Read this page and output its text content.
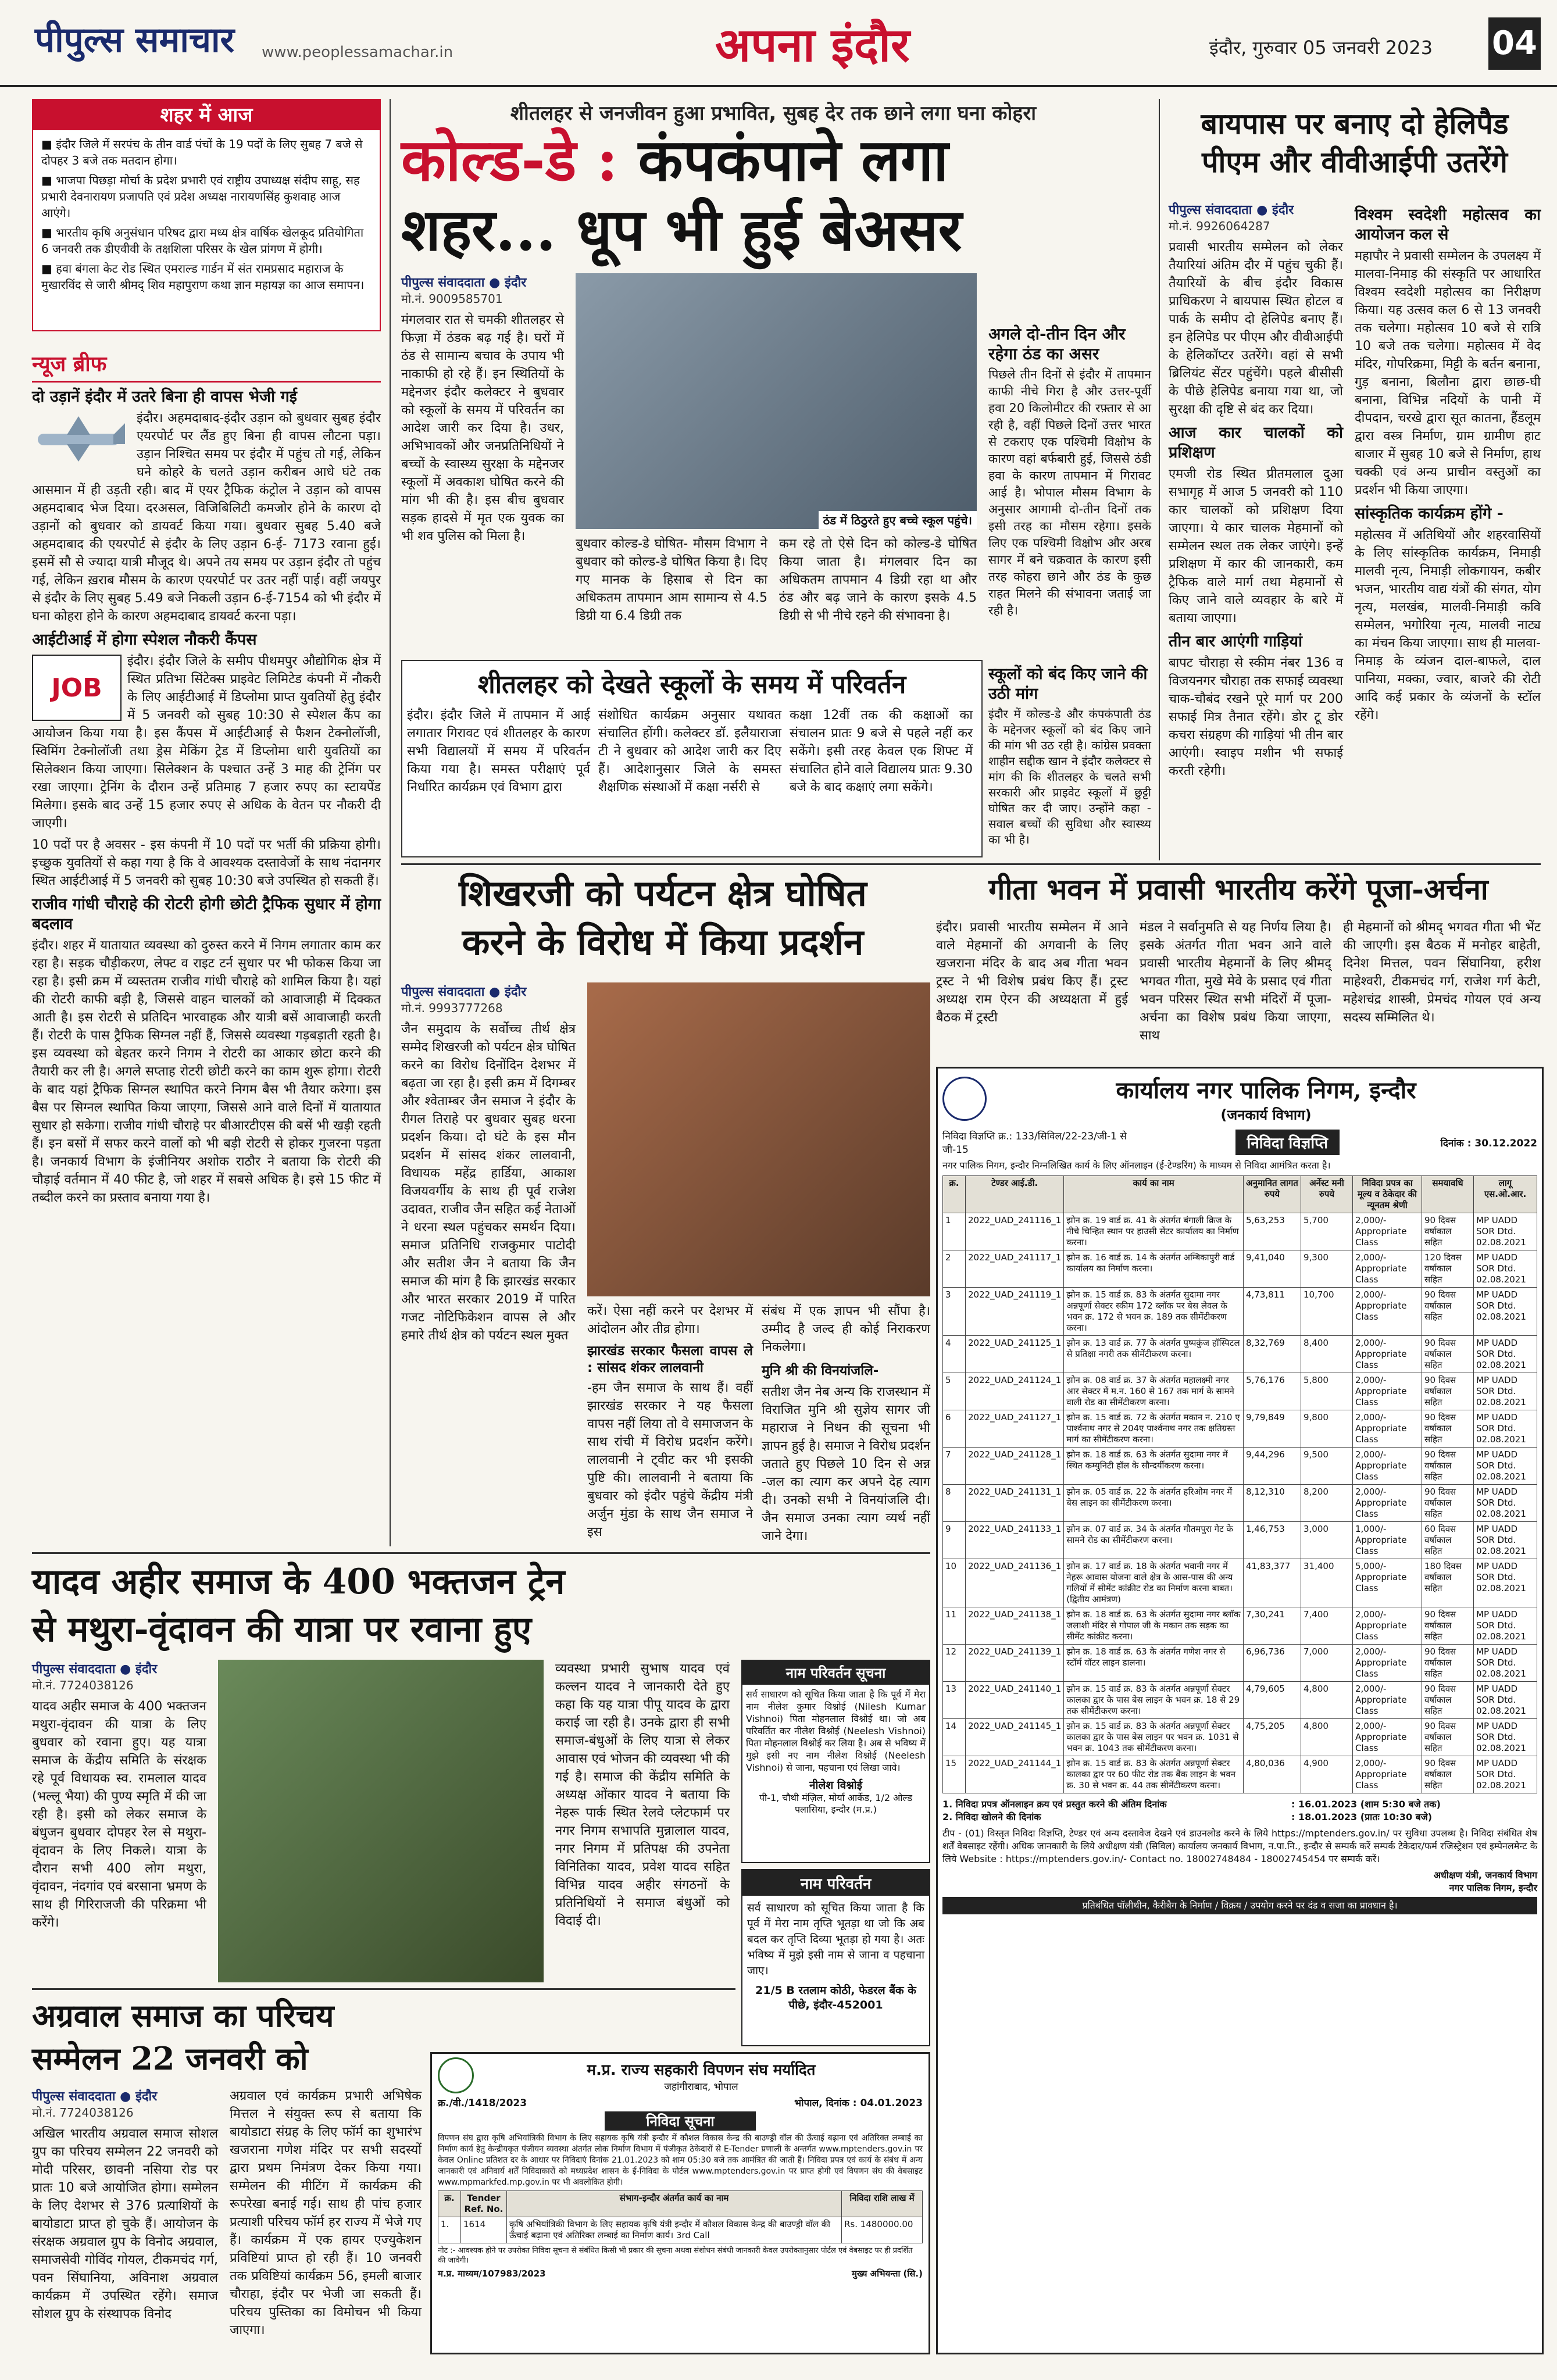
पीपुल्स समाचार www.peoplessamachar.in	अपना इंदौर	इंदौर, गुरुवार 05 जनवरी 2023 04
शहर में आज
■ इंदौर जिले में सरपंच के तीन वार्ड पंचों के 19 पदों के लिए सुबह 7 बजे से दोपहर 3 बजे तक मतदान होगा।
■ भाजपा पिछड़ा मोर्चा के प्रदेश प्रभारी एवं राष्ट्रीय उपाध्यक्ष संदीप साहू, सह प्रभारी देवनारायण प्रजापति एवं प्रदेश अध्यक्ष नारायणसिंह कुशवाह आज आएंगे।
■ भारतीय कृषि अनुसंधान परिषद द्वारा मध्य क्षेत्र वार्षिक खेलकूद प्रतियोगिता 6 जनवरी तक डीएवीवी के तक्षशिला परिसर के खेल प्रांगण में होगी।
■ हवा बंगला केट रोड स्थित एमराल्ड गार्डन में संत रामप्रसाद महाराज के मुखारविंद से जारी श्रीमद् शिव महापुराण कथा ज्ञान महायज्ञ का आज समापन।
न्यूज ब्रीफ
दो उड़ानें इंदौर में उतरे बिना ही वापस भेजी गई

इंदौर। अहमदाबाद-इंदौर उड़ान को बुधवार सुबह इंदौर एयरपोर्ट पर लैंड हुए बिना ही वापस लौटना पड़ा। उड़ान निश्चित समय पर इंदौर में पहुंच तो गई, लेकिन घने कोहरे के चलते उड़ान करीबन आधे घंटे तक आसमान में ही उड़ती रही। बाद में एयर ट्रैफिक कंट्रोल ने उड़ान को वापस अहमदाबाद भेज दिया। दरअसल, विजिबिलिटी कमजोर होने के कारण दो उड़ानों को बुधवार को डायवर्ट किया गया। बुधवार सुबह 5.40 बजे अहमदाबाद की एयरपोर्ट से इंदौर के लिए उड़ान 6-ई- 7173 रवाना हुई। इसमें सौ से ज्यादा यात्री मौजूद थे। अपने तय समय पर उड़ान इंदौर तो पहुंच गई, लेकिन ख़राब मौसम के कारण एयरपोर्ट पर उतर नहीं पाई। वहीं जयपुर से इंदौर के लिए सुबह 5.49 बजे निकली उड़ान 6-ई-7154 को भी इंदौर में घना कोहरा होने के कारण अहमदाबाद डायवर्ट करना पड़ा।

आईटीआई में होगा स्पेशल नौकरी कैंपस
JOB

इंदौर। इंदौर जिले के समीप पीथमपुर औद्योगिक क्षेत्र में स्थित प्रतिभा सिंटेक्स प्राइवेट लिमिटेड कंपनी में नौकरी के लिए आईटीआई में डिप्लोमा प्राप्त युवतियों हेतु इंदौर में 5 जनवरी को सुबह 10:30 से स्पेशल कैंप का आयोजन किया गया है। इस कैंपस में आईटीआई से फैशन टेक्नोलॉजी, स्विमिंग टेक्नोलॉजी तथा ड्रेस मेकिंग ट्रेड में डिप्लोमा धारी युवतियों का सिलेक्शन किया जाएगा। सिलेक्शन के पश्चात उन्हें 3 माह की ट्रेनिंग पर रखा जाएगा। ट्रेनिंग के दौरान उन्हें प्रतिमाह 7 हजार रुपए का स्टायपेंड मिलेगा। इसके बाद उन्हें 15 हजार रुपए से अधिक के वेतन पर नौकरी दी जाएगी।

10 पदों पर है अवसर - इस कंपनी में 10 पदों पर भर्ती की प्रक्रिया होगी। इच्छुक युवतियों से कहा गया है कि वे आवश्यक दस्तावेजों के साथ नंदानगर स्थित आईटीआई में 5 जनवरी को सुबह 10:30 बजे उपस्थित हो सकती हैं।

राजीव गांधी चौराहे की रोटरी होगी छोटी ट्रैफिक सुधार में होगा बदलाव

इंदौर। शहर में यातायात व्यवस्था को दुरुस्त करने में निगम लगातार काम कर रहा है। सड़क चौड़ीकरण, लेफ्ट व राइट टर्न सुधार पर भी फोकस किया जा रहा है। इसी क्रम में व्यस्ततम राजीव गांधी चौराहे को शामिल किया है। यहां की रोटरी काफी बड़ी है, जिससे वाहन चालकों को आवाजाही में दिक्कत आती है। इस रोटरी से प्रतिदिन भारवाहक और यात्री बसें आवाजाही करती हैं। रोटरी के पास ट्रैफिक सिग्नल नहीं हैं, जिससे व्यवस्था गड़बड़ाती रहती है। इस व्यवस्था को बेहतर करने निगम ने रोटरी का आकार छोटा करने की तैयारी कर ली है। अगले सप्ताह रोटरी छोटी करने का काम शुरू होगा। रोटरी के बाद यहां ट्रैफिक सिग्नल स्थापित करने निगम बैस भी तैयार करेगा। इस बैस पर सिग्नल स्थापित किया जाएगा, जिससे आने वाले दिनों में यातायात सुधार हो सकेगा। राजीव गांधी चौराहे पर बीआरटीएस की बसें भी खड़ी रहती हैं। इन बसों में सफर करने वालों को भी बड़ी रोटरी से होकर गुजरना पड़ता है। जनकार्य विभाग के इंजीनियर अशोक राठौर ने बताया कि रोटरी की चौड़ाई वर्तमान में 40 फीट है, जो शहर में सबसे अधिक है। इसे 15 फीट में तब्दील करने का प्रस्ताव बनाया गया है।

शीतलहर से जनजीवन हुआ प्रभावित, सुबह देर तक छाने लगा घना कोहरा
कोल्ड-डे : कंपकंपाने लगा
शहर... धूप भी हुई बेअसर
पीपुल्स संवाददाता ● इंदौर
मो.नं. 9009585701
मंगलवार रात से चमकी शीतलहर से फिज़ा में ठंडक बढ़ गई है। घरों में ठंड से सामान्य बचाव के उपाय भी नाकाफी हो रहे हैं। इन स्थितियों के मद्देनजर इंदौर कलेक्टर ने बुधवार को स्कूलों के समय में परिवर्तन का आदेश जारी कर दिया है। उधर, अभिभावकों और जनप्रतिनिधियों ने बच्चों के स्वास्थ्य सुरक्षा के मद्देनजर स्कूलों में अवकाश घोषित करने की मांग भी की है। इस बीच बुधवार सड़क हादसे में मृत एक युवक का भी शव पुलिस को मिला है।
ठंड में ठिठुरते हुए बच्चे स्कूल पहुंचे।
बुधवार कोल्ड-डे घोषित- मौसम विभाग ने बुधवार को कोल्ड-डे घोषित किया है। दिए गए मानक के हिसाब से दिन का अधिकतम तापमान आम सामान्य से 4.5 डिग्री या 6.4 डिग्री तक
कम रहे तो ऐसे दिन को कोल्ड-डे घोषित किया जाता है। मंगलवार दिन का अधिकतम तापमान 4 डिग्री रहा था और ठंड और बढ़ जाने के कारण इसके 4.5 डिग्री से भी नीचे रहने की संभावना है।
अगले दो-तीन दिन और रहेगा ठंड का असर
पिछले तीन दिनों से इंदौर में तापमान काफी नीचे गिरा है और उत्तर-पूर्वी हवा 20 किलोमीटर की रफ़्तार से आ रही है, वहीं पिछले दिनों उत्तर भारत से टकराए एक पश्चिमी विक्षोभ के कारण वहां बर्फबारी हुई, जिससे ठंडी हवा के कारण तापमान में गिरावट आई है। भोपाल मौसम विभाग के अनुसार आगामी दो-तीन दिनों तक इसी तरह का मौसम रहेगा। इसके लिए एक पश्चिमी विक्षोभ और अरब सागर में बने चक्रवात के कारण इसी तरह कोहरा छाने और ठंड के कुछ राहत मिलने की संभावना जताई जा रही है।
शीतलहर को देखते स्कूलों के समय में परिवर्तन
इंदौर। इंदौर जिले में तापमान में आई लगातार गिरावट एवं शीतलहर के कारण सभी विद्यालयों में समय में परिवर्तन किया गया है। समस्त परीक्षाएं पूर्व निर्धारित कार्यक्रम एवं विभाग द्वारा
संशोधित कार्यक्रम अनुसार यथावत संचालित होंगी। कलेक्टर डॉ. इलैयाराजा टी ने बुधवार को आदेश जारी कर दिए हैं। आदेशानुसार जिले के समस्त शैक्षणिक संस्थाओं में कक्षा नर्सरी से
कक्षा 12वीं तक की कक्षाओं का संचालन प्रातः 9 बजे से पहले नहीं कर सकेंगे। इसी तरह केवल एक शिफ्ट में संचालित होने वाले विद्यालय प्रातः 9.30 बजे के बाद कक्षाएं लगा सकेंगे।
स्कूलों को बंद किए जाने की उठी मांग
इंदौर में कोल्ड-डे और कंपकंपाती ठंड के मद्देनजर स्कूलों को बंद किए जाने की मांग भी उठ रही है। कांग्रेस प्रवक्ता शाहीन सद्दीक खान ने इंदौर कलेक्टर से मांग की कि शीतलहर के चलते सभी सरकारी और प्राइवेट स्कूलों में छुट्टी घोषित कर दी जाए। उन्होंने कहा - सवाल बच्चों की सुविधा और स्वास्थ्य का भी है।
बायपास पर बनाए दो हेलिपैड
पीएम और वीवीआईपी उतरेंगे
पीपुल्स संवाददाता ● इंदौर
मो.नं. 9926064287

प्रवासी भारतीय सम्मेलन को लेकर तैयारियां अंतिम दौर में पहुंच चुकी हैं। तैयारियों के बीच इंदौर विकास प्राधिकरण ने बायपास स्थित होटल व पार्क के समीप दो हेलिपेड बनाए हैं। इन हेलिपेड पर पीएम और वीवीआईपी के हेलिकॉप्टर उतरेंगे। वहां से सभी ब्रिलियंट सेंटर पहुंचेंगे। पहले बीसीसी के पीछे हेलिपेड बनाया गया था, जो सुरक्षा की दृष्टि से बंद कर दिया।

आज कार चालकों को प्रशिक्षण

एमजी रोड स्थित प्रीतमलाल दुआ सभागृह में आज 5 जनवरी को 110 कार चालकों को प्रशिक्षण दिया जाएगा। ये कार चालक मेहमानों को सम्मेलन स्थल तक लेकर जाएंगे। इन्हें प्रशिक्षण में कार की जानकारी, कम ट्रैफिक वाले मार्ग तथा मेहमानों से किए जाने वाले व्यवहार के बारे में बताया जाएगा।

तीन बार आएंगी गाड़ियां

बापट चौराहा से स्कीम नंबर 136 व विजयनगर चौराहा तक सफाई व्यवस्था चाक-चौबंद रखने पूरे मार्ग पर 200 सफाई मित्र तैनात रहेंगे। डोर टू डोर कचरा संग्रहण की गाड़ियां भी तीन बार आएंगी। स्वाइप मशीन भी सफाई करती रहेगी।

विश्वम स्वदेशी महोत्सव का आयोजन कल से

महापौर ने प्रवासी सम्मेलन के उपलक्ष्य में मालवा-निमाड़ की संस्कृति पर आधारित विश्वम स्वदेशी महोत्सव का निरीक्षण किया। यह उत्सव कल 6 से 13 जनवरी तक चलेगा। महोत्सव 10 बजे से रात्रि 10 बजे तक चलेगा। महोत्सव में वेद मंदिर, गोपरिक्रमा, मिट्टी के बर्तन बनाना, गुड़ बनाना, बिलौना द्वारा छाछ-घी बनाना, विभिन्न नदियों के पानी में दीपदान, चरखे द्वारा सूत कातना, हैंडलूम द्वारा वस्त्र निर्माण, ग्राम ग्रामीण हाट बाजार में सुबह 10 बजे से निर्माण, हाथ चक्की एवं अन्य प्राचीन वस्तुओं का प्रदर्शन भी किया जाएगा।

सांस्कृतिक कार्यक्रम होंगे -

महोत्सव में अतिथियों और शहरवासियों के लिए सांस्कृतिक कार्यक्रम, निमाड़ी मालवी नृत्य, निमाड़ी लोकगायन, कबीर भजन, भारतीय वाद्य यंत्रों की संगत, योग नृत्य, मलखंब, मालवी-निमाड़ी कवि सम्मेलन, भगोरिया नृत्य, मालवी नाट्य का मंचन किया जाएगा। साथ ही मालवा-निमाड़ के व्यंजन दाल-बाफले, दाल पानिया, मक्का, ज्वार, बाजरे की रोटी आदि कई प्रकार के व्यंजनों के स्टॉल रहेंगे।

शिखरजी को पर्यटन क्षेत्र घोषित
करने के विरोध में किया प्रदर्शन
पीपुल्स संवाददाता ● इंदौर
मो.नं. 9993777268
जैन समुदाय के सर्वोच्च तीर्थ क्षेत्र सम्मेद शिखरजी को पर्यटन क्षेत्र घोषित करने का विरोध दिनोंदिन देशभर में बढ़ता जा रहा है। इसी क्रम में दिगम्बर और श्वेताम्बर जैन समाज ने इंदौर के रीगल तिराहे पर बुधवार सुबह धरना प्रदर्शन किया। दो घंटे के इस मौन प्रदर्शन में सांसद शंकर लालवानी, विधायक महेंद्र हार्डिया, आकाश विजयवर्गीय के साथ ही पूर्व राजेश उदावत, राजीव जैन सहित कई नेताओं ने धरना स्थल पहुंचकर समर्थन दिया। समाज प्रतिनिधि राजकुमार पाटोदी और सतीश जैन ने बताया कि जैन समाज की मांग है कि झारखंड सरकार और भारत सरकार 2019 में पारित गजट नोटिफिकेशन वापस ले और हमारे तीर्थ क्षेत्र को पर्यटन स्थल मुक्त

करें। ऐसा नहीं करने पर देशभर में आंदोलन और तीव्र होगा।

झारखंड सरकार फैसला वापस ले : सांसद शंकर लालवानी

-हम जैन समाज के साथ हैं। वहीं झारखंड सरकार ने यह फैसला वापस नहीं लिया तो वे समाजजन के साथ रांची में विरोध प्रदर्शन करेंगे। लालवानी ने ट्वीट कर भी इसकी पुष्टि की। लालवानी ने बताया कि बुधवार को इंदौर पहुंचे केंद्रीय मंत्री अर्जुन मुंडा के साथ जैन समाज ने इस

संबंध में एक ज्ञापन भी सौंपा है। उम्मीद है जल्द ही कोई निराकरण निकलेगा।

मुनि श्री की विनयांजलि-

सतीश जैन नेब अन्य कि राजस्थान में विराजित मुनि श्री सुज्ञेय सागर जी महाराज ने निधन की सूचना भी ज्ञापन हुई है। समाज ने विरोध प्रदर्शन जताते हुए पिछले 10 दिन से अन्न -जल का त्याग कर अपने देह त्याग दी। उनको सभी ने विनयांजलि दी। जैन समाज उनका त्याग व्यर्थ नहीं जाने देगा।

गीता भवन में प्रवासी भारतीय करेंगे पूजा-अर्चना
इंदौर। प्रवासी भारतीय सम्मेलन में आने वाले मेहमानों की अगवानी के लिए खजराना मंदिर के बाद अब गीता भवन ट्रस्ट ने भी विशेष प्रबंध किए हैं। ट्रस्ट अध्यक्ष राम ऐरन की अध्यक्षता में हुई बैठक में ट्रस्टी
मंडल ने सर्वानुमति से यह निर्णय लिया है। इसके अंतर्गत गीता भवन आने वाले प्रवासी भारतीय मेहमानों के लिए श्रीमद् भगवत गीता, मुखे मेवे के प्रसाद एवं गीता भवन परिसर स्थित सभी मंदिरों में पूजा-अर्चना का विशेष प्रबंध किया जाएगा, साथ
ही मेहमानों को श्रीमद् भगवत गीता भी भेंट की जाएगी। इस बैठक में मनोहर बाहेती, दिनेश मित्तल, पवन सिंघानिया, हरीश माहेश्वरी, टीकमचंद गर्ग, राजेश गर्ग केटी, महेशचंद्र शास्त्री, प्रेमचंद गोयल एवं अन्य सदस्य सम्मिलित थे।
कार्यालय नगर पालिक निगम, इन्दौर
(जनकार्य विभाग)
निविदा विज्ञप्ति क्र.: 133/सिविल/22-23/जी-1 से जी-15	निविदा विज्ञप्ति	दिनांक : 30.12.2022
नगर पालिक निगम, इन्दौर निम्नलिखित कार्य के लिए ऑनलाइन (ई-टेण्डरिंग) के माध्यम से निविदा आमंत्रित करता है।
क्र.	टेण्डर आई.डी.	कार्य का नाम	अनुमानित लागत रुपये	अर्नेस्ट मनी रुपये	निविदा प्रपत्र का मूल्य व ठेकेदार की न्यूनतम श्रेणी	समयावधि	लागू एस.ओ.आर.
1	2022_UAD_241116_1	झोन क्र. 19 वार्ड क्र. 41 के अंतर्गत बंगाली क्रिज के नीचे चिन्हित स्थान पर हाउसी सेंटर कार्यालय का निर्माण करना।	5,63,253	5,700	2,000/- Appropriate Class	90 दिवस वर्षाकाल सहित	MP UADD SOR Dtd. 02.08.2021
2	2022_UAD_241117_1	झोन क्र. 16 वार्ड क्र. 14 के अंतर्गत अम्बिकापुरी वार्ड कार्यालय का निर्माण करना।	9,41,040	9,300	2,000/- Appropriate Class	120 दिवस वर्षाकाल सहित	MP UADD SOR Dtd. 02.08.2021
3	2022_UAD_241119_1	झोन क्र. 15 वार्ड क्र. 83 के अंतर्गत सुदामा नगर अन्नपूर्णा सेक्टर स्कीम 172 ब्लॉक पर बेस लेवल के भवन क्र. 172 से भवन क्र. 189 तक सीमेंटीकरण करना।	4,73,811	10,700	2,000/- Appropriate Class	90 दिवस वर्षाकाल सहित	MP UADD SOR Dtd. 02.08.2021
4	2022_UAD_241125_1	झोन क्र. 13 वार्ड क्र. 77 के अंतर्गत पुष्पकुंज हॉस्पिटल से प्रतिक्षा नगरी तक सीमेंटीकरण करना।	8,32,769	8,400	2,000/- Appropriate Class	90 दिवस वर्षाकाल सहित	MP UADD SOR Dtd. 02.08.2021
5	2022_UAD_241124_1	झोन क्र. 08 वार्ड क्र. 37 के अंतर्गत महालक्ष्मी नगर आर सेक्टर में म.न. 160 से 167 तक मार्ग के सामने वाली रोड का सीमेंटीकरण करना।	5,76,176	5,800	2,000/- Appropriate Class	90 दिवस वर्षाकाल सहित	MP UADD SOR Dtd. 02.08.2021
6	2022_UAD_241127_1	झोन क्र. 15 वार्ड क्र. 72 के अंतर्गत मकान न. 210 ए पार्श्वनाथ नगर से 204ए पार्श्वनाथ नगर तक क्षतिग्रस्त मार्ग का सीमेंटीकरण करना।	9,79,849	9,800	2,000/- Appropriate Class	90 दिवस वर्षाकाल सहित	MP UADD SOR Dtd. 02.08.2021
7	2022_UAD_241128_1	झोन क्र. 18 वार्ड क्र. 63 के अंतर्गत सुदामा नगर में स्थित कम्युनिटी हॉल के सौन्दर्यीकरण करना।	9,44,296	9,500	2,000/- Appropriate Class	90 दिवस वर्षाकाल सहित	MP UADD SOR Dtd. 02.08.2021
8	2022_UAD_241131_1	झोन क्र. 05 वार्ड क्र. 22 के अंतर्गत हरिओम नगर में बेस लाइन का सीमेंटीकरण करना।	8,12,310	8,200	2,000/- Appropriate Class	90 दिवस वर्षाकाल सहित	MP UADD SOR Dtd. 02.08.2021
9	2022_UAD_241133_1	झोन क्र. 07 वार्ड क्र. 34 के अंतर्गत गौतमपुरा गेट के सामने रोड का सीमेंटीकरण करना।	1,46,753	3,000	1,000/- Appropriate Class	60 दिवस वर्षाकाल सहित	MP UADD SOR Dtd. 02.08.2021
10	2022_UAD_241136_1	झोन क्र. 17 वार्ड क्र. 18 के अंतर्गत भवानी नगर में नेहरू आवास योजना वाले क्षेत्र के आस-पास की अन्य गलियों में सीमेंट कांक्रीट रोड का निर्माण करना बाबत। (द्वितीय आमंत्रण)	41,83,377	31,400	5,000/- Appropriate Class	180 दिवस वर्षाकाल सहित	MP UADD SOR Dtd. 02.08.2021
11	2022_UAD_241138_1	झोन क्र. 18 वार्ड क्र. 63 के अंतर्गत सुदामा नगर ब्लॉक जलाशी मंदिर से गोपाल जी के मकान तक सड़क का सीमेंट कांक्रीट करना।	7,30,241	7,400	2,000/- Appropriate Class	90 दिवस वर्षाकाल सहित	MP UADD SOR Dtd. 02.08.2021
12	2022_UAD_241139_1	झोन क्र. 18 वार्ड क्र. 63 के अंतर्गत गणेश नगर से स्टॉर्म वॉटर लाइन डालना।	6,96,736	7,000	2,000/- Appropriate Class	90 दिवस वर्षाकाल सहित	MP UADD SOR Dtd. 02.08.2021
13	2022_UAD_241140_1	झोन क्र. 15 वार्ड क्र. 83 के अंतर्गत अन्नपूर्णा सेक्टर कालका द्वार के पास बेस लाइन के भवन क्र. 18 से 29 तक सीमेंटीकरण करना।	4,79,605	4,800	2,000/- Appropriate Class	90 दिवस वर्षाकाल सहित	MP UADD SOR Dtd. 02.08.2021
14	2022_UAD_241145_1	झोन क्र. 15 वार्ड क्र. 83 के अंतर्गत अन्नपूर्णा सेक्टर कालका द्वार के पास बेस लाइन पर भवन क्र. 1031 से भवन क्र. 1043 तक सीमेंटीकरण करना।	4,75,205	4,800	2,000/- Appropriate Class	90 दिवस वर्षाकाल सहित	MP UADD SOR Dtd. 02.08.2021
15	2022_UAD_241144_1	झोन क्र. 15 वार्ड क्र. 83 के अंतर्गत अन्नपूर्णा सेक्टर कालका द्वार पर 60 फीट रोड तक बैंक लाइन के भवन क्र. 30 से भवन क्र. 44 तक सीमेंटीकरण करना।	4,80,036	4,900	2,000/- Appropriate Class	90 दिवस वर्षाकाल सहित	MP UADD SOR Dtd. 02.08.2021
1. निविदा प्रपत्र ऑनलाइन क्रय एवं प्रस्तुत करने की अंतिम दिनांक	: 16.01.2023 (शाम 5:30 बजे तक)
2. निविदा खोलने की दिनांक	: 18.01.2023 (प्रातः 10:30 बजे)
टीप - (01) विस्तृत निविदा विज्ञप्ति, टेण्डर एवं अन्य दस्तावेज देखने एवं डाउनलोड करने के लिये https://mptenders.gov.in/ पर सुविधा उपलब्ध है। निविदा संबंधित शेष शर्तें वेबसाइट रहेंगी। अधिक जानकारी के लिये अधीक्षण यंत्री (सिविल) कार्यालय जनकार्य विभाग, न.पा.नि., इन्दौर से सम्पर्क करें सम्पर्क टेकेदार/फर्म रजिस्ट्रेशन एवं इम्पेनलमेन्ट के लिये Website : https://mptenders.gov.in/- Contact no. 18002748484 - 18002745454 पर सम्पर्क करें।
अधीक्षण यंत्री, जनकार्य विभाग
नगर पालिक निगम, इन्दौर
प्रतिबंधित पॉलीथीन, कैरीबैग के निर्माण / विक्रय / उपयोग करने पर दंड व सजा का प्रावधान है।
यादव अहीर समाज के 400 भक्तजन ट्रेन
से मथुरा-वृंदावन की यात्रा पर रवाना हुए
पीपुल्स संवाददाता ● इंदौर
मो.नं. 7724038126
यादव अहीर समाज के 400 भक्तजन मथुरा-वृंदावन की यात्रा के लिए बुधवार को रवाना हुए। यह यात्रा समाज के केंद्रीय समिति के संरक्षक रहे पूर्व विधायक स्व. रामलाल यादव (भल्लू भैया) की पुण्य स्मृति में की जा रही है। इसी को लेकर समाज के बंधुजन बुधवार दोपहर रेल से मथुरा-वृंदावन के लिए निकले। यात्रा के दौरान सभी 400 लोग मथुरा, वृंदावन, नंदगांव एवं बरसाना भ्रमण के साथ ही गिरिराजजी की परिक्रमा भी करेंगे।
व्यवस्था प्रभारी सुभाष यादव एवं कल्लन यादव ने जानकारी देते हुए कहा कि यह यात्रा पीपू यादव के द्वारा कराई जा रही है। उनके द्वारा ही सभी समाज-बंधुओं के लिए यात्रा से लेकर आवास एवं भोजन की व्यवस्था भी की गई है। समाज की केंद्रीय समिति के अध्यक्ष ओंकार यादव ने बताया कि नेहरू पार्क स्थित रेलवे प्लेटफार्म पर नगर निगम सभापति मुन्नालाल यादव, नगर निगम में प्रतिपक्ष की उपनेता विनितिका यादव, प्रवेश यादव सहित विभिन्न यादव अहीर संगठनों के प्रतिनिधियों ने समाज बंधुओं को विदाई दी।
नाम परिवर्तन सूचना
सर्व साधारण को सूचित किया जाता है कि पूर्व में मेरा नाम नीलेश कुमार विश्नोई (Nilesh Kumar Vishnoi) पिता मोहनलाल विश्नोई था। जो अब परिवर्तित कर नीलेश विश्नोई (Neelesh Vishnoi) पिता मोहनलाल विश्नोई कर लिया है। अब से भविष्य में मुझे इसी नए नाम नीलेश विश्नोई (Neelesh Vishnoi) से जाना, पहचाना एवं लिखा जावे।
नीलेश विश्नोई
पी-1, चौथी मंज़िल, मोर्या आर्केड, 1/2 ओल्ड पलासिया, इन्दौर (म.प्र.)
नाम परिवर्तन
सर्व साधारण को सूचित किया जाता है कि पूर्व में मेरा नाम तृप्ति भूतड़ा था जो कि अब बदल कर तृप्ति दिव्या भूतड़ा हो गया है। अतः भविष्य में मुझे इसी नाम से जाना व पहचाना जाए।
21/5 B रतलाम कोठी, फेडरल बैंक के पीछे, इंदौर-452001
अग्रवाल समाज का परिचय
सम्मेलन 22 जनवरी को
पीपुल्स संवाददाता ● इंदौर
मो.नं. 7724038126
अखिल भारतीय अग्रवाल समाज सोशल ग्रुप का परिचय सम्मेलन 22 जनवरी को मोदी परिसर, छावनी नसिया रोड पर प्रातः 10 बजे आयोजित होगा। सम्मेलन के लिए देशभर से 376 प्रत्याशियों के बायोडाटा प्राप्त हो चुके हैं। आयोजन के संरक्षक अग्रवाल ग्रुप के विनोद अग्रवाल, समाजसेवी गोविंद गोयल, टीकमचंद गर्ग, पवन सिंघानिया, अविनाश अग्रवाल कार्यक्रम में उपस्थित रहेंगे। समाज सोशल ग्रुप के संस्थापक विनोद
अग्रवाल एवं कार्यक्रम प्रभारी अभिषेक मित्तल ने संयुक्त रूप से बताया कि बायोडाटा संग्रह के लिए फॉर्म का शुभारंभ खजराना गणेश मंदिर पर सभी सदस्यों द्वारा प्रथम निमंत्रण देकर किया गया। सम्मेलन की मीटिंग में कार्यक्रम की रूपरेखा बनाई गई। साथ ही पांच हजार प्रत्याशी परिचय फॉर्म हर राज्य में भेजे गए हैं। कार्यक्रम में एक हायर एज्युकेशन प्रविष्टियां प्राप्त हो रही हैं। 10 जनवरी तक प्रविष्टियां कार्यक्रम 56, इमली बाजार चौराहा, इंदौर पर भेजी जा सकती हैं। परिचय पुस्तिका का विमोचन भी किया जाएगा।
म.प्र. राज्य सहकारी विपणन संघ मर्यादित
जहांगीराबाद, भोपाल
क्र./वी./1418/2023	भोपाल, दिनांक : 04.01.2023
निविदा सूचना
विपणन संघ द्वारा कृषि अभियांत्रिकी विभाग के लिए सहायक कृषि यंत्री इन्दौर में कौशल विकास केन्द्र की बाउण्ड्री वॉल की ऊँचाई बढ़ाना एवं अतिरिक्त लम्बाई का निर्माण कार्य हेतु केन्द्रीयकृत पंजीयन व्यवस्था अंतर्गत लोक निर्माण विभाग में पंजीकृत ठेकेदारों से E-Tender प्रणाली के अन्तर्गत www.mptenders.gov.in पर केवल Online प्रतिशत दर के आधार पर निविदाएं दिनांक 21.01.2023 को शाम 05:30 बजे तक आमंत्रित की जाती हैं। निविदा प्रपत्र एवं कार्य के संबंध में अन्य जानकारी एवं अनिवार्य शर्तें निविदाकारों को मध्यप्रदेश शासन के ई-निविदा के पोर्टल www.mptenders.gov.in पर प्राप्त होगी एवं विपणन संघ की वेबसाइट www.mpmarkfed.mp.gov.in पर भी अवलोकित होगी।
क्र.	Tender Ref. No.	संभाग-इन्दौर अंतर्गत कार्य का नाम	निविदा राशि लाख में
1.	1614	कृषि अभियांत्रिकी विभाग के लिए सहायक कृषि यंत्री इन्दौर में कौशल विकास केन्द्र की बाउण्ड्री वॉल की ऊँचाई बढ़ाना एवं अतिरिक्त लम्बाई का निर्माण कार्य। 3rd Call	Rs. 1480000.00
नोट :- आवश्यक होने पर उपरोक्त निविदा सूचना से संबंधित किसी भी प्रकार की सूचना अथवा संशोधन संबंधी जानकारी केवल उपरोक्तानुसार पोर्टल एवं वेबसाइट पर ही प्रदर्शित की जावेगी।
म.प्र. माध्यम/107983/2023	मुख्य अभियन्ता (सि.)
